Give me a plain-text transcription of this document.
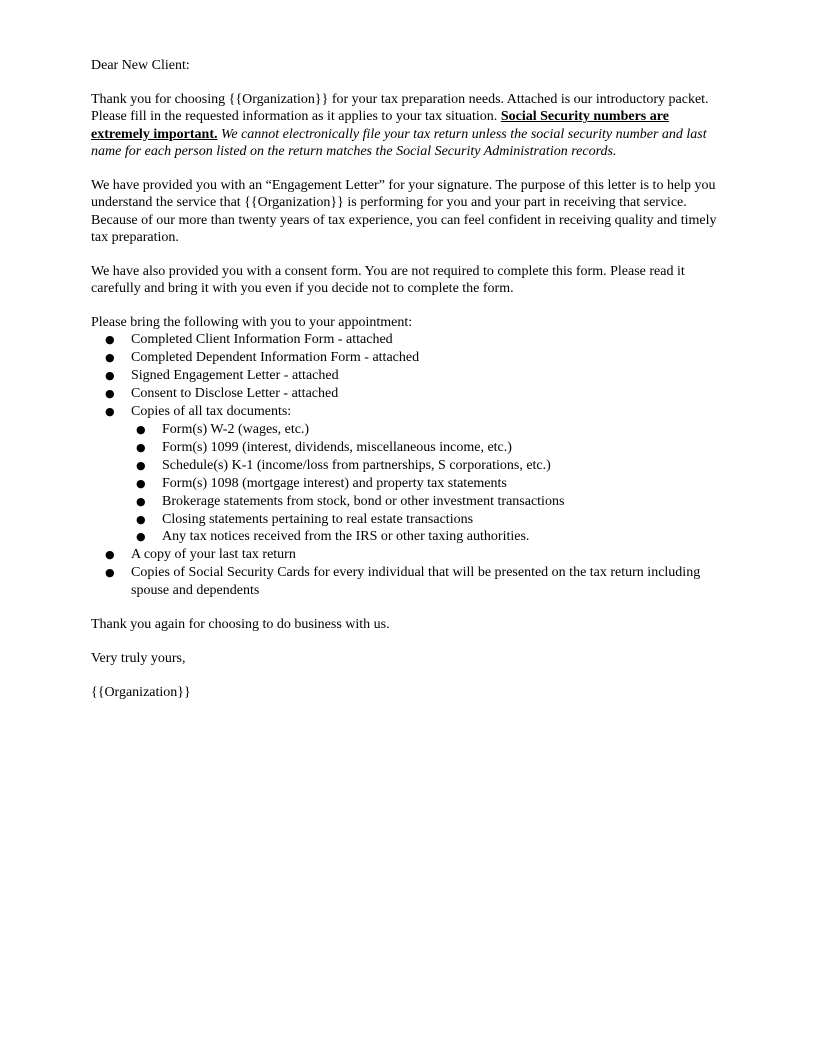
Dear New Client:

Thank you for choosing {{Organization}} for your tax preparation needs. Attached is our introductory packet. Please fill in the requested information as it applies to your tax situation. Social Security numbers are extremely important. We cannot electronically file your tax return unless the social security number and last name for each person listed on the return matches the Social Security Administration records.

We have provided you with an “Engagement Letter” for your signature. The purpose of this letter is to help you understand the service that {{Organization}} is performing for you and your part in receiving that service. Because of our more than twenty years of tax experience, you can feel confident in receiving quality and timely tax preparation.

We have also provided you with a consent form. You are not required to complete this form. Please read it carefully and bring it with you even if you decide not to complete the form.

Please bring the following with you to your appointment:

● Completed Client Information Form - attached
● Completed Dependent Information Form - attached
● Signed Engagement Letter - attached
● Consent to Disclose Letter - attached
● Copies of all tax documents:
● Form(s) W-2 (wages, etc.)
● Form(s) 1099 (interest, dividends, miscellaneous income, etc.)
● Schedule(s) K-1 (income/loss from partnerships, S corporations, etc.)
● Form(s) 1098 (mortgage interest) and property tax statements
● Brokerage statements from stock, bond or other investment transactions
● Closing statements pertaining to real estate transactions
● Any tax notices received from the IRS or other taxing authorities.
● A copy of your last tax return
● Copies of Social Security Cards for every individual that will be presented on the tax return including spouse and dependents

Thank you again for choosing to do business with us.

Very truly yours,

{{Organization}}
